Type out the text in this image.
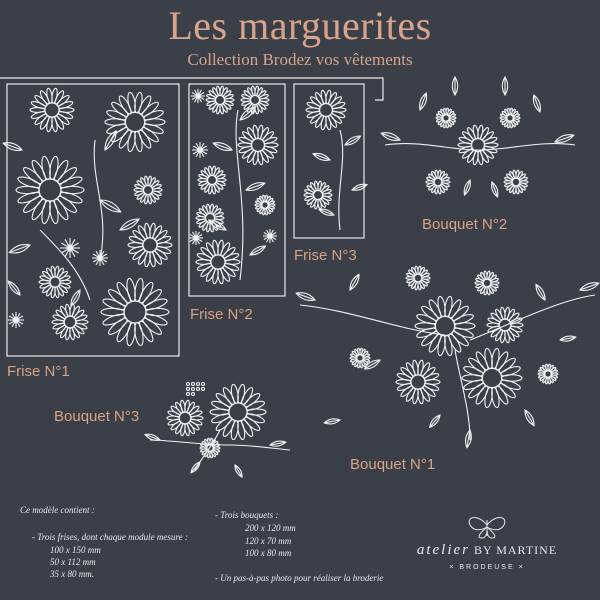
Les marguerites
Collection Brodez vos vêtements
Frise N°1
Frise N°2
Frise N°3
Bouquet N°2
Bouquet N°3
Bouquet N°1
Ce modèle contient :
- Trois frises, dont chaque module mesure :
100 x 150 mm
50 x 112 mm
35 x 80 mm.
- Trois bouquets :
200 x 120 mm
120 x 70 mm
100 x 80 mm
- Un pas-à-pas photo pour réaliser la broderie
atelier BY MARTINE
× BRODEUSE ×
